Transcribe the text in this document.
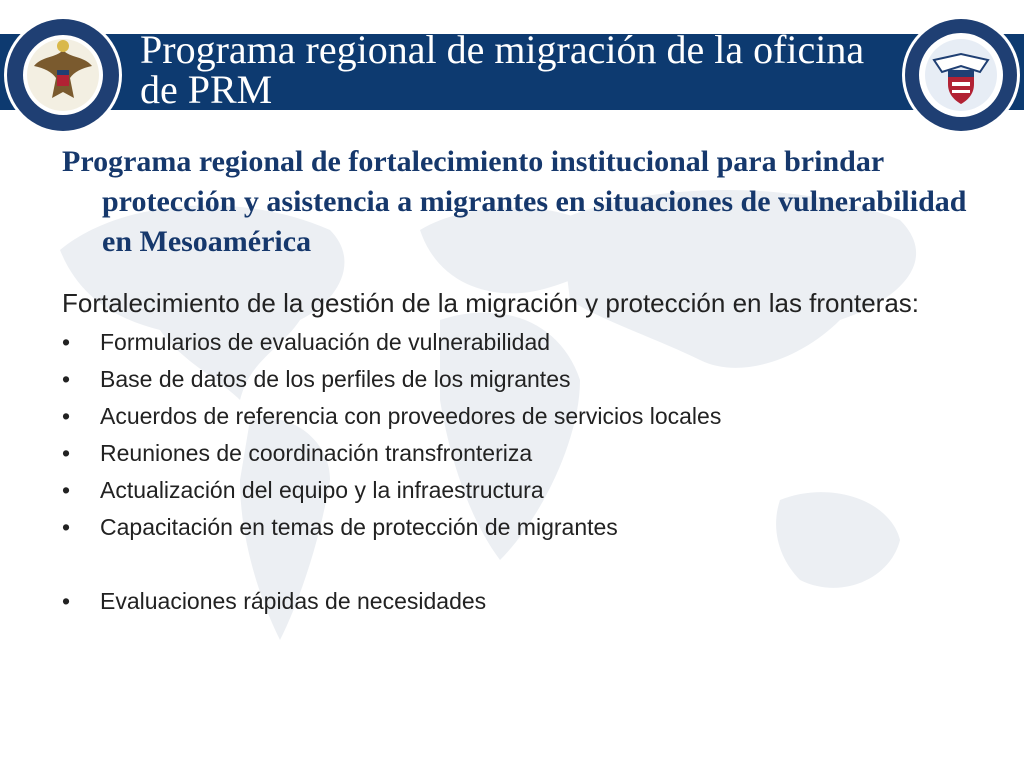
Programa regional de migración de la oficina de PRM

Programa regional de fortalecimiento institucional para brindar protección y asistencia a migrantes en situaciones de vulnerabilidad en Mesoamérica

Fortalecimiento de la gestión de la migración y protección en las fronteras:

• Formularios de evaluación de vulnerabilidad
• Base de datos de los perfiles de los migrantes
• Acuerdos de referencia con proveedores de servicios locales
• Reuniones de coordinación transfronteriza
• Actualización del equipo y la infraestructura
• Capacitación en temas de protección de migrantes
• Evaluaciones rápidas de necesidades
